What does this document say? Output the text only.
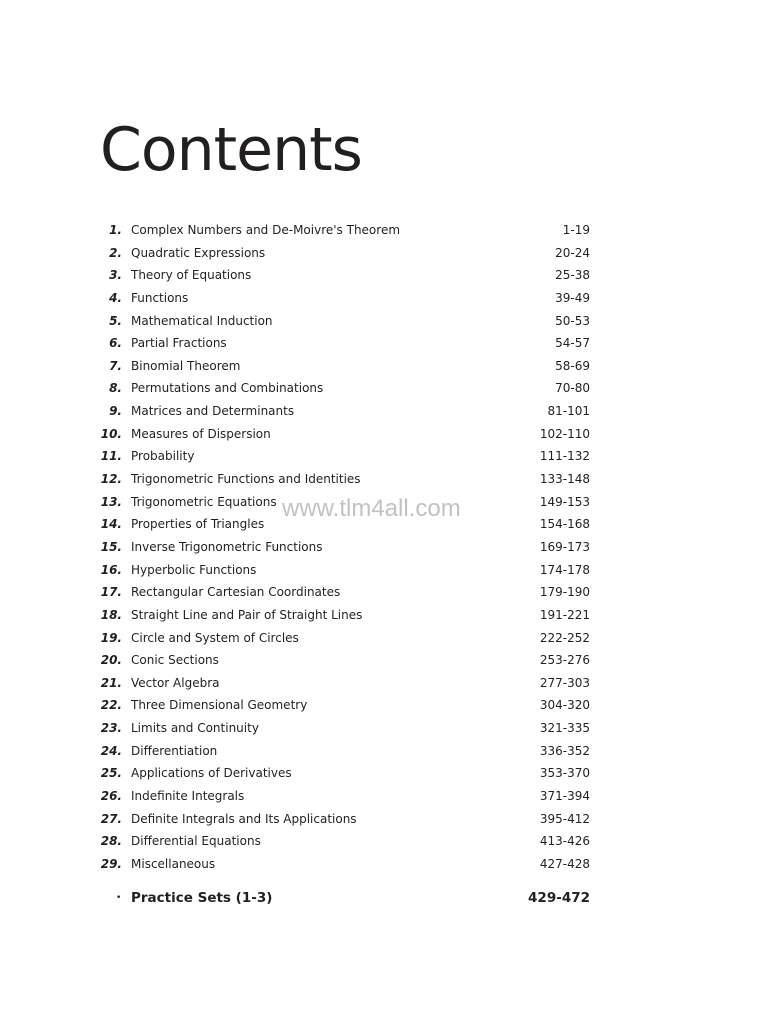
Contents
1. Complex Numbers and De-Moivre's Theorem	1-19
2. Quadratic Expressions	20-24
3. Theory of Equations	25-38
4. Functions	39-49
5. Mathematical Induction	50-53
6. Partial Fractions	54-57
7. Binomial Theorem	58-69
8. Permutations and Combinations	70-80
9. Matrices and Determinants	81-101
10. Measures of Dispersion	102-110
11. Probability	111-132
12. Trigonometric Functions and Identities	133-148
13. Trigonometric Equations	149-153
14. Properties of Triangles	154-168
15. Inverse Trigonometric Functions	169-173
16. Hyperbolic Functions	174-178
17. Rectangular Cartesian Coordinates	179-190
18. Straight Line and Pair of Straight Lines	191-221
19. Circle and System of Circles	222-252
20. Conic Sections	253-276
21. Vector Algebra	277-303
22. Three Dimensional Geometry	304-320
23. Limits and Continuity	321-335
24. Differentiation	336-352
25. Applications of Derivatives	353-370
26. Indefinite Integrals	371-394
27. Definite Integrals and Its Applications	395-412
28. Differential Equations	413-426
29. Miscellaneous	427-428
• Practice Sets (1-3)	429-472
www.tlm4all.com
